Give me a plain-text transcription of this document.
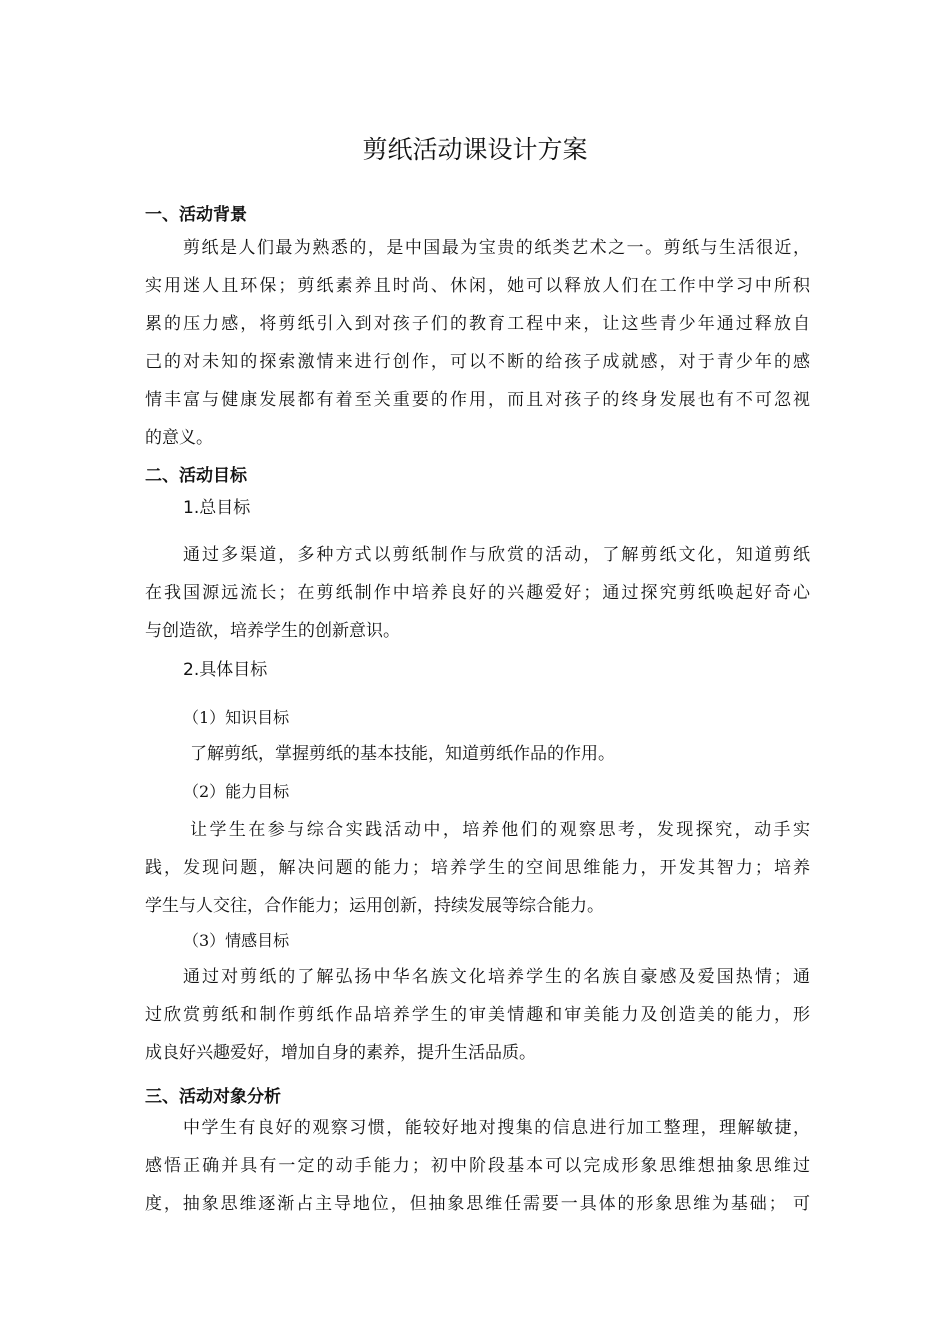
剪纸活动课设计方案
一、活动背景
剪纸是人们最为熟悉的，是中国最为宝贵的纸类艺术之一。剪纸与生活很近，
实用迷人且环保；剪纸素养且时尚、休闲，她可以释放人们在工作中学习中所积
累的压力感，将剪纸引入到对孩子们的教育工程中来，让这些青少年通过释放自
己的对未知的探索激情来进行创作，可以不断的给孩子成就感，对于青少年的感
情丰富与健康发展都有着至关重要的作用，而且对孩子的终身发展也有不可忽视
的意义。
二、活动目标
1.总目标
通过多渠道，多种方式以剪纸制作与欣赏的活动，了解剪纸文化，知道剪纸
在我国源远流长；在剪纸制作中培养良好的兴趣爱好；通过探究剪纸唤起好奇心
与创造欲，培养学生的创新意识。
2.具体目标
（1）知识目标
了解剪纸，掌握剪纸的基本技能，知道剪纸作品的作用。
（2）能力目标
让学生在参与综合实践活动中，培养他们的观察思考，发现探究，动手实
践，发现问题，解决问题的能力；培养学生的空间思维能力，开发其智力；培养
学生与人交往，合作能力；运用创新，持续发展等综合能力。
（3）情感目标
通过对剪纸的了解弘扬中华名族文化培养学生的名族自豪感及爱国热情；通
过欣赏剪纸和制作剪纸作品培养学生的审美情趣和审美能力及创造美的能力，形
成良好兴趣爱好，增加自身的素养，提升生活品质。
三、活动对象分析
中学生有良好的观察习惯，能较好地对搜集的信息进行加工整理，理解敏捷，
感悟正确并具有一定的动手能力；初中阶段基本可以完成形象思维想抽象思维过
度，抽象思维逐渐占主导地位，但抽象思维任需要一具体的形象思维为基础； 可
